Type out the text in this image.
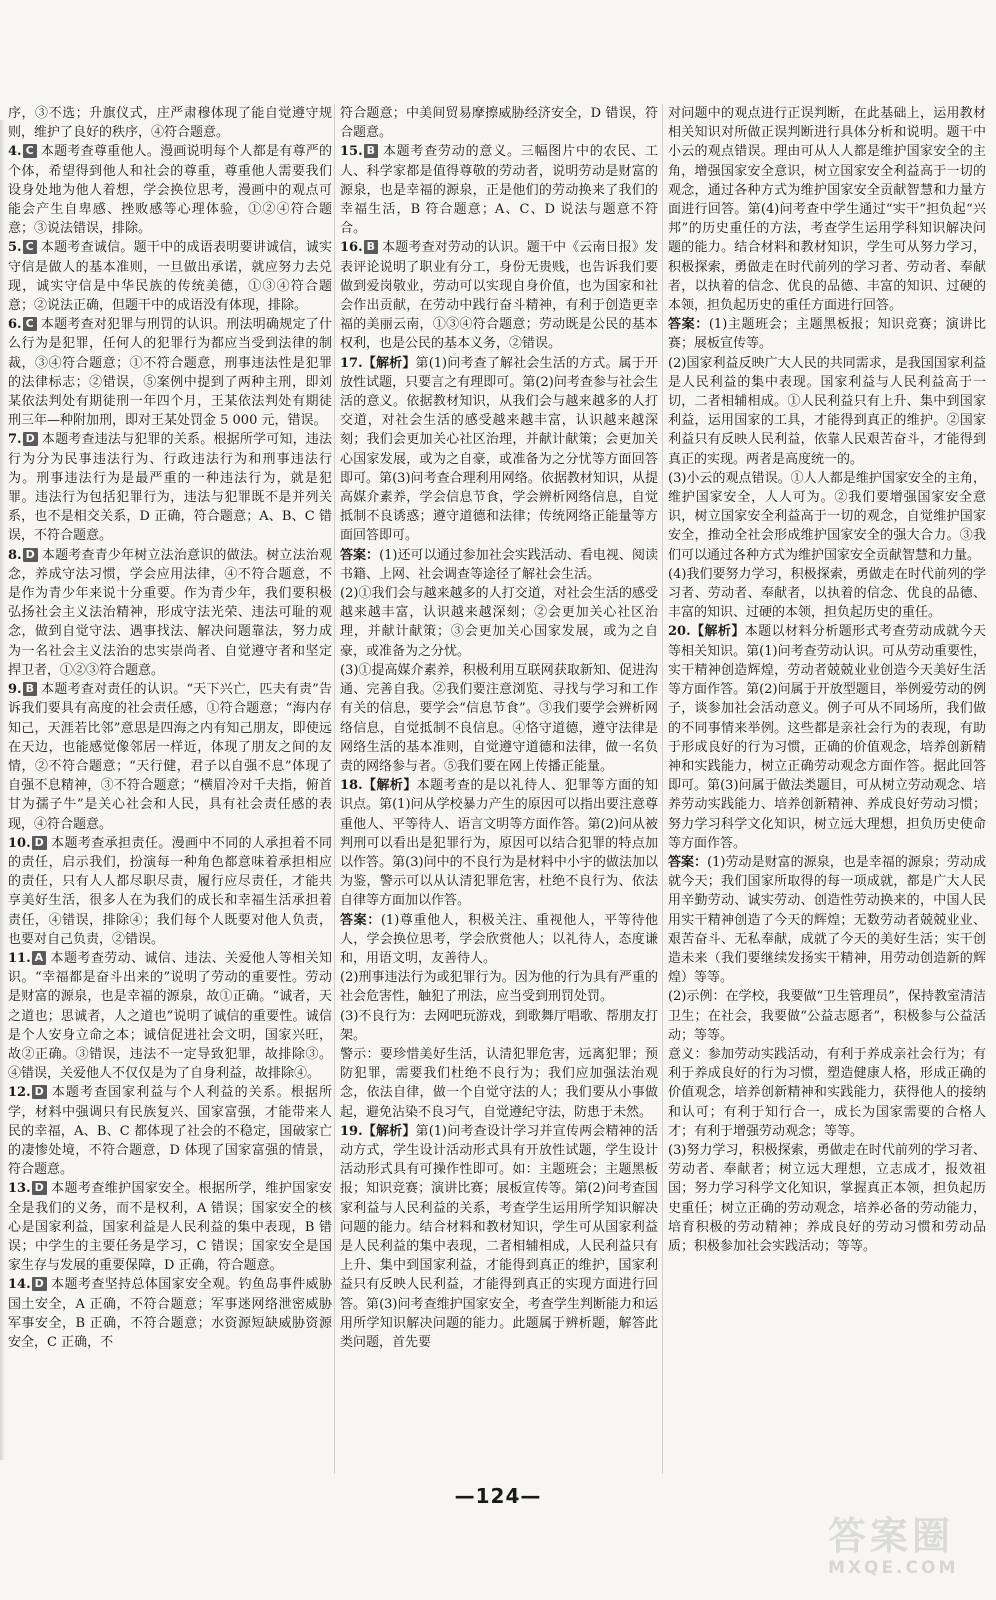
序，③不选；升旗仪式，庄严肃穆体现了能自觉遵守规则，维护了良好的秩序，④符合题意。
4. C 本题考查尊重他人。漫画说明每个人都是有尊严的个体，希望得到他人和社会的尊重，尊重他人需要我们设身处地为他人着想，学会换位思考，漫画中的观点可能会产生自卑感、挫败感等心理体验，①②④符合题意；③说法错误，排除。
5. C 本题考查诚信。题干中的成语表明要讲诚信，诚实守信是做人的基本准则，一旦做出承诺，就应努力去兑现，诚实守信是中华民族的传统美德，①③④符合题意；②说法正确，但题干中的成语没有体现，排除。
6. C 本题考查对犯罪与刑罚的认识。刑法明确规定了什么行为是犯罪，任何人的犯罪行为都应当受到法律的制裁，③④符合题意；①不符合题意，刑事违法性是犯罪的法律标志；②错误，⑤案例中提到了两种主刑，即刘某依法判处有期徒刑一年四个月，王某依法判处有期徒刑三年—种附加刑，即对王某处罚金 5 000 元，错误。
7. D 本题考查违法与犯罪的关系。根据所学可知，违法行为分为民事违法行为、行政违法行为和刑事违法行为。刑事违法行为是最严重的一种违法行为，就是犯罪。违法行为包括犯罪行为，违法与犯罪既不是并列关系，也不是相交关系，D 正确，符合题意；A、B、C 错误，不符合题意。
8. D 本题考查青少年树立法治意识的做法。树立法治观念，养成守法习惯，学会应用法律，④不符合题意，不是作为青少年来说十分重要。作为青少年，我们要积极弘扬社会主义法治精神，形成守法光荣、违法可耻的观念，做到自觉守法、遇事找法、解决问题靠法，努力成为一名社会主义法治的忠实崇尚者、自觉遵守者和坚定捍卫者，①②③符合题意。
9. B 本题考查对责任的认识。“天下兴亡，匹夫有责”告诉我们要具有高度的社会责任感，①符合题意；“海内存知己，天涯若比邻”意思是四海之内有知己朋友，即使远在天边，也能感觉像邻居一样近，体现了朋友之间的友情，②不符合题意；“天行健，君子以自强不息”体现了自强不息精神，③不符合题意；“横眉冷对千夫指，俯首甘为孺子牛”是关心社会和人民，具有社会责任感的表现，④符合题意。
10. D 本题考查承担责任。漫画中不同的人承担着不同的责任，启示我们，扮演每一种角色都意味着承担相应的责任，只有人人都尽职尽责，履行应尽责任，才能共享美好生活，很多人在为我们的成长和幸福生活承担着责任，④错误，排除④；我们每个人既要对他人负责，也要对自己负责，②错误。
11. A 本题考查劳动、诚信、违法、关爱他人等相关知识。“幸福都是奋斗出来的”说明了劳动的重要性。劳动是财富的源泉，也是幸福的源泉，故①正确。“诚者，天之道也；思诚者，人之道也”说明了诚信的重要性。诚信是个人安身立命之本；诚信促进社会文明，国家兴旺，故②正确。③错误，违法不一定导致犯罪，故排除③。④错误，关爱他人不仅仅是为了自身利益，故排除④。
12. D 本题考查国家利益与个人利益的关系。根据所学，材料中强调只有民族复兴、国家富强，才能带来人民的幸福，A、B、C 都体现了社会的不稳定，国破家亡的凄惨处境，不符合题意，D 体现了国家富强的情景，符合题意。
13. D 本题考查维护国家安全。根据所学，维护国家安全是我们的义务，而不是权利，A 错误；国家安全的核心是国家利益，国家利益是人民利益的集中表现，B 错误；中学生的主要任务是学习，C 错误；国家安全是国家生存与发展的重要保障，D 正确，符合题意。
14. D 本题考查坚持总体国家安全观。钓鱼岛事件威胁国土安全，A 正确，不符合题意；军事迷网络泄密威胁军事安全，B 正确，不符合题意；水资源短缺威胁资源安全，C 正确，不
符合题意；中美间贸易摩擦威胁经济安全，D 错误，符合题意。
15. B 本题考查劳动的意义。三幅图片中的农民、工人、科学家都是值得尊敬的劳动者，说明劳动是财富的源泉，也是幸福的源泉，正是他们的劳动换来了我们的幸福生活，B 符合题意；A、C、D 说法与题意不符合。
16. B 本题考查对劳动的认识。题干中《云南日报》发表评论说明了职业有分工，身份无贵贱，也告诉我们要做到爱岗敬业，劳动可以实现自身价值，也为国家和社会作出贡献，在劳动中践行奋斗精神，有利于创造更幸福的美丽云南，①③④符合题意；劳动既是公民的基本权利，也是公民的基本义务，②错误。
17.【解析】第(1)问考查了解社会生活的方式。属于开放性试题，只要言之有理即可。第(2)问考查参与社会生活的意义。依据教材知识，从我们会与越来越多的人打交道，对社会生活的感受越来越丰富，认识越来越深刻；我们会更加关心社区治理，并献计献策；会更加关心国家发展，或为之自豪，或准备为之分忧等方面回答即可。第(3)问考查合理利用网络。依据教材知识，从提高媒介素养，学会信息节食，学会辨析网络信息，自觉抵制不良诱惑；遵守道德和法律；传统网络正能量等方面回答即可。
答案：(1)还可以通过参加社会实践活动、看电视、阅读书籍、上网、社会调查等途径了解社会生活。
(2)①我们会与越来越多的人打交道，对社会生活的感受越来越丰富，认识越来越深刻；②会更加关心社区治理，并献计献策；③会更加关心国家发展，或为之自豪，或准备为之分忧。
(3)①提高媒介素养，积极利用互联网获取新知、促进沟通、完善自我。②我们要注意浏览、寻找与学习和工作有关的信息，要学会“信息节食”。③我们要学会辨析网络信息，自觉抵制不良信息。④恪守道德，遵守法律是网络生活的基本准则，自觉遵守道德和法律，做一名负责的网络参与者。⑤我们要在网上传播正能量。
18.【解析】本题考查的是以礼待人、犯罪等方面的知识点。第(1)问从学校暴力产生的原因可以指出要注意尊重他人、平等待人、语言文明等方面作答。第(2)问从被判刑可以看出是犯罪行为，原因可以结合犯罪的特点加以作答。第(3)问中的不良行为是材料中小宇的做法加以为鉴，警示可以从认清犯罪危害，杜绝不良行为、依法自律等方面加以作答。
答案：(1)尊重他人，积极关注、重视他人，平等待他人，学会换位思考，学会欣赏他人；以礼待人，态度谦和，用语文明，友善待人。
(2)刑事违法行为或犯罪行为。因为他的行为具有严重的社会危害性，触犯了刑法，应当受到刑罚处罚。
(3)不良行为：去网吧玩游戏，到歌舞厅唱歌、帮朋友打架。
警示：要珍惜美好生活，认清犯罪危害，远离犯罪；预防犯罪，需要我们杜绝不良行为；我们应加强法治观念，依法自律，做一个自觉守法的人；我们要从小事做起，避免沾染不良习气，自觉遵纪守法，防患于未然。
19.【解析】第(1)问考查设计学习并宣传两会精神的活动方式，学生设计活动形式具有开放性试题，学生设计活动形式具有可操作性即可。如：主题班会；主题黑板报；知识竞赛；演讲比赛；展板宣传等。第(2)问考查国家利益与人民利益的关系，考查学生运用所学知识解决问题的能力。结合材料和教材知识，学生可从国家利益是人民利益的集中表现，二者相辅相成，人民利益只有上升、集中到国家利益，才能得到真正的维护，国家利益只有反映人民利益，才能得到真正的实现方面进行回答。第(3)问考查维护国家安全，考查学生判断能力和运用所学知识解决问题的能力。此题属于辨析题，解答此类问题，首先要
对问题中的观点进行正误判断，在此基础上，运用教材相关知识对所做正误判断进行具体分析和说明。题干中小云的观点错误。理由可从人人都是维护国家安全的主角，增强国家安全意识，树立国家安全利益高于一切的观念，通过各种方式为维护国家安全贡献智慧和力量方面进行回答。第(4)问考查中学生通过“实干”担负起“兴邦”的历史重任的方法，考查学生运用学科知识解决问题的能力。结合材料和教材知识，学生可从努力学习，积极探索，勇做走在时代前列的学习者、劳动者、奉献者，以执着的信念、优良的品德、丰富的知识、过硬的本领，担负起历史的重任方面进行回答。
答案：(1)主题班会；主题黑板报；知识竞赛；演讲比赛；展板宣传等。
(2)国家利益反映广大人民的共同需求，是我国国家利益是人民利益的集中表现。国家利益与人民利益高于一切，二者相辅相成。①人民利益只有上升、集中到国家利益，运用国家的工具，才能得到真正的维护。②国家利益只有反映人民利益，依靠人民艰苦奋斗，才能得到真正的实现。两者是高度统一的。
(3)小云的观点错误。①人人都是维护国家安全的主角，维护国家安全，人人可为。②我们要增强国家安全意识，树立国家安全利益高于一切的观念，自觉维护国家安全，推动全社会形成维护国家安全的强大合力。③我们可以通过各种方式为维护国家安全贡献智慧和力量。
(4)我们要努力学习，积极探索，勇做走在时代前列的学习者、劳动者、奉献者，以执着的信念、优良的品德、丰富的知识、过硬的本领，担负起历史的重任。
20.【解析】本题以材料分析题形式考查劳动成就今天等相关知识。第(1)问考查劳动认识。可从劳动重要性，实干精神创造辉煌，劳动者兢兢业业创造今天美好生活等方面作答。第(2)问属于开放型题目，举例爱劳动的例子，谈参加社会活动意义。例子可从不同场所，我们做的不同事情来举例。这些都是亲社会行为的表现，有助于形成良好的行为习惯，正确的价值观念，培养创新精神和实践能力，树立正确劳动观念方面作答。据此回答即可。第(3)问属于做法类题目，可从树立劳动观念、培养劳动实践能力、培养创新精神、养成良好劳动习惯；努力学习科学文化知识，树立远大理想，担负历史使命等方面作答。
答案：(1)劳动是财富的源泉，也是幸福的源泉；劳动成就今天；我们国家所取得的每一项成就，都是广大人民用辛勤劳动、诚实劳动、创造性劳动换来的，中国人民用实干精神创造了今天的辉煌；无数劳动者兢兢业业、艰苦奋斗、无私奉献，成就了今天的美好生活；实干创造未来（我们要继续发扬实干精神，用劳动创造新的辉煌）等等。
(2)示例：在学校，我要做“卫生管理员”，保持教室清洁卫生；在社会，我要做“公益志愿者”，积极参与公益活动；等等。
意义：参加劳动实践活动，有利于养成亲社会行为；有利于养成良好的行为习惯，塑造健康人格，形成正确的价值观念，培养创新精神和实践能力，获得他人的接纳和认可；有利于知行合一，成长为国家需要的合格人才；有利于增强劳动观念；等等。
(3)努力学习，积极探索，勇做走在时代前列的学习者、劳动者、奉献者；树立远大理想，立志成才，报效祖国；努力学习科学文化知识，掌握真正本领，担负起历史重任；树立正确的劳动观念，培养必备的劳动能力，培育积极的劳动精神；养成良好的劳动习惯和劳动品质；积极参加社会实践活动；等等。
—124—
答案圈
MXQE.COM
